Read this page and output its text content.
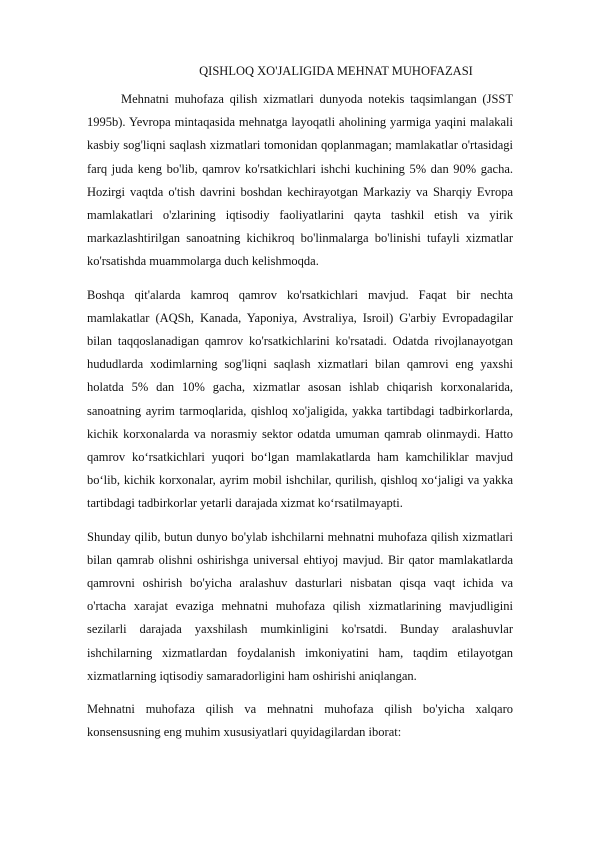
QISHLOQ XO'JALIGIDA MEHNAT MUHOFAZASI

Mehnatni muhofaza qilish xizmatlari dunyoda notekis taqsimlangan (JSST 1995b). Yevropa mintaqasida mehnatga layoqatli aholining yarmiga yaqini malakali kasbiy sog'liqni saqlash xizmatlari tomonidan qoplanmagan; mamlakatlar o'rtasidagi farq juda keng bo'lib, qamrov ko'rsatkichlari ishchi kuchining 5% dan 90% gacha. Hozirgi vaqtda o'tish davrini boshdan kechirayotgan Markaziy va Sharqiy Evropa mamlakatlari o'zlarining iqtisodiy faoliyatlarini qayta tashkil etish va yirik markazlashtirilgan sanoatning kichikroq bo'linmalarga bo'linishi tufayli xizmatlar ko'rsatishda muammolarga duch kelishmoqda.

Boshqa qit'alarda kamroq qamrov ko'rsatkichlari mavjud. Faqat bir nechta mamlakatlar (AQSh, Kanada, Yaponiya, Avstraliya, Isroil) G'arbiy Evropadagilar bilan taqqoslanadigan qamrov ko'rsatkichlarini ko'rsatadi. Odatda rivojlanayotgan hududlarda xodimlarning sog'liqni saqlash xizmatlari bilan qamrovi eng yaxshi holatda 5% dan 10% gacha, xizmatlar asosan ishlab chiqarish korxonalarida, sanoatning ayrim tarmoqlarida, qishloq xo'jaligida, yakka tartibdagi tadbirkorlarda, kichik korxonalarda va norasmiy sektor odatda umuman qamrab olinmaydi. Hatto qamrov ko‘rsatkichlari yuqori bo‘lgan mamlakatlarda ham kamchiliklar mavjud bo‘lib, kichik korxonalar, ayrim mobil ishchilar, qurilish, qishloq xo‘jaligi va yakka tartibdagi tadbirkorlar yetarli darajada xizmat ko‘rsatilmayapti.

Shunday qilib, butun dunyo bo'ylab ishchilarni mehnatni muhofaza qilish xizmatlari bilan qamrab olishni oshirishga universal ehtiyoj mavjud. Bir qator mamlakatlarda qamrovni oshirish bo'yicha aralashuv dasturlari nisbatan qisqa vaqt ichida va o'rtacha xarajat evaziga mehnatni muhofaza qilish xizmatlarining mavjudligini sezilarli darajada yaxshilash mumkinligini ko'rsatdi. Bunday aralashuvlar ishchilarning xizmatlardan foydalanish imkoniyatini ham, taqdim etilayotgan xizmatlarning iqtisodiy samaradorligini ham oshirishi aniqlangan.

Mehnatni muhofaza qilish va mehnatni muhofaza qilish bo'yicha xalqaro konsensusning eng muhim xususiyatlari quyidagilardan iborat:
